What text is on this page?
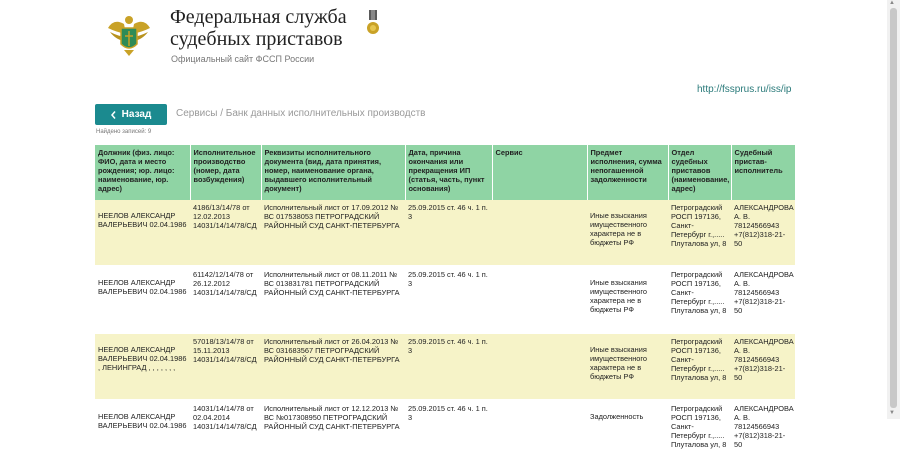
Федеральная служба
судебных приставов
Официальный сайт ФССП России
http://fssprus.ru/iss/ip
Назад Сервисы / Банк данных исполнительных производств
Найдено записей: 9
Должник (физ. лицо: ФИО, дата и место рождения; юр. лицо: наименование, юр. адрес)	Исполнительное производство (номер, дата возбуждения)	Реквизиты исполнительного документа (вид, дата принятия, номер, наименование органа, выдавшего исполнительный документ)	Дата, причина окончания или прекращения ИП (статья, часть, пункт основания)	Сервис	Предмет исполнения, сумма непогашенной задолженности	Отдел судебных приставов (наименование, адрес)	Судебный пристав-исполнитель
НЕЕЛОВ АЛЕКСАНДР ВАЛЕРЬЕВИЧ 02.04.1986	4186/13/14/78 от 12.02.2013 14031/14/14/78/СД	Исполнительный лист от 17.09.2012 № ВС 017538053 ПЕТРОГРАДСКИЙ РАЙОННЫЙ СУД САНКТ-ПЕТЕРБУРГА	25.09.2015 ст. 46 ч. 1 п. 3		Иные взыскания имущественного характера не в бюджеты РФ	Петроградский РОСП 197136, Санкт-Петербург г.,..... Плуталова ул, 8	АЛЕКСАНДРОВА А. В. 78124566943 +7(812)318-21-50
НЕЕЛОВ АЛЕКСАНДР ВАЛЕРЬЕВИЧ 02.04.1986	61142/12/14/78 от 26.12.2012 14031/14/14/78/СД	Исполнительный лист от 08.11.2011 № ВС 013831781 ПЕТРОГРАДСКИЙ РАЙОННЫЙ СУД САНКТ-ПЕТЕРБУРГА	25.09.2015 ст. 46 ч. 1 п. 3		Иные взыскания имущественного характера не в бюджеты РФ	Петроградский РОСП 197136, Санкт-Петербург г.,..... Плуталова ул, 8	АЛЕКСАНДРОВА А. В. 78124566943 +7(812)318-21-50
НЕЕЛОВ АЛЕКСАНДР ВАЛЕРЬЕВИЧ 02.04.1986 , ЛЕНИНГРАД , , , , , , ,	57018/13/14/78 от 15.11.2013 14031/14/14/78/СД	Исполнительный лист от 26.04.2013 № ВС 031683567 ПЕТРОГРАДСКИЙ РАЙОННЫЙ СУД САНКТ-ПЕТЕРБУРГА	25.09.2015 ст. 46 ч. 1 п. 3		Иные взыскания имущественного характера не в бюджеты РФ	Петроградский РОСП 197136, Санкт-Петербург г.,..... Плуталова ул, 8	АЛЕКСАНДРОВА А. В. 78124566943 +7(812)318-21-50
НЕЕЛОВ АЛЕКСАНДР ВАЛЕРЬЕВИЧ 02.04.1986	14031/14/14/78 от 02.04.2014 14031/14/14/78/СД	Исполнительный лист от 12.12.2013 № ВС №017308950 ПЕТРОГРАДСКИЙ РАЙОННЫЙ СУД САНКТ-ПЕТЕРБУРГА	25.09.2015 ст. 46 ч. 1 п. 3		Задолженность	Петроградский РОСП 197136, Санкт-Петербург г.,..... Плуталова ул, 8	АЛЕКСАНДРОВА А. В. 78124566943 +7(812)318-21-50
▲
▼
